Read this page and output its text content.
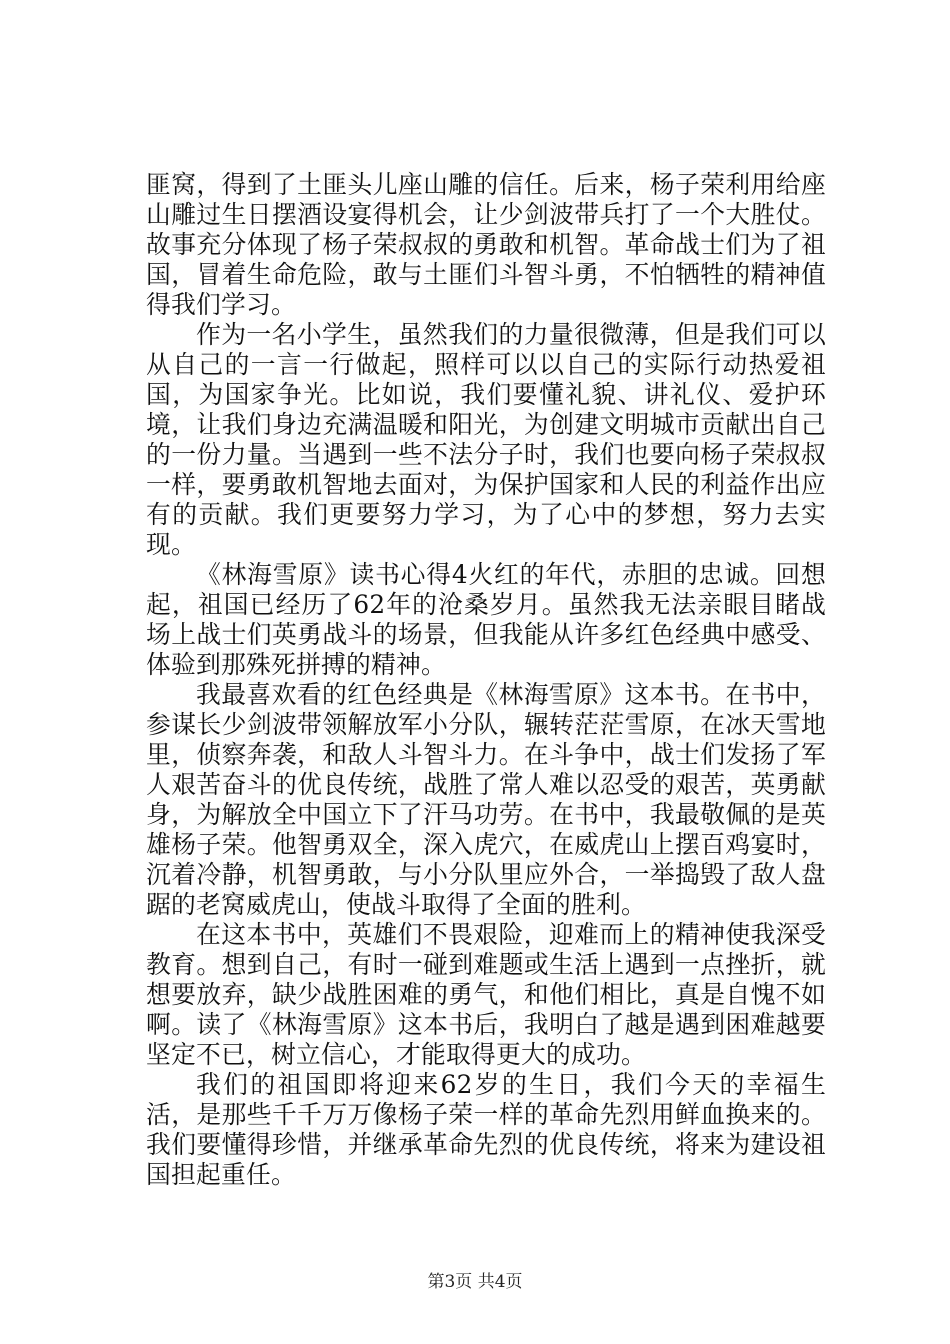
匪窝，得到了土匪头儿座山雕的信任。后来，杨子荣利用给座山雕过生日摆酒设宴得机会，让少剑波带兵打了一个大胜仗。故事充分体现了杨子荣叔叔的勇敢和机智。革命战士们为了祖国，冒着生命危险，敢与土匪们斗智斗勇，不怕牺牲的精神值得我们学习。

作为一名小学生，虽然我们的力量很微薄，但是我们可以从自己的一言一行做起，照样可以以自己的实际行动热爱祖国，为国家争光。比如说，我们要懂礼貌、讲礼仪、爱护环境，让我们身边充满温暖和阳光，为创建文明城市贡献出自己的一份力量。当遇到一些不法分子时，我们也要向杨子荣叔叔一样，要勇敢机智地去面对，为保护国家和人民的利益作出应有的贡献。我们更要努力学习，为了心中的梦想，努力去实现。

《林海雪原》读书心得4火红的年代，赤胆的忠诚。回想起，祖国已经历了62年的沧桑岁月。虽然我无法亲眼目睹战场上战士们英勇战斗的场景，但我能从许多红色经典中感受、体验到那殊死拼搏的精神。

我最喜欢看的红色经典是《林海雪原》这本书。在书中，参谋长少剑波带领解放军小分队，辗转茫茫雪原，在冰天雪地里，侦察奔袭，和敌人斗智斗力。在斗争中，战士们发扬了军人艰苦奋斗的优良传统，战胜了常人难以忍受的艰苦，英勇献身，为解放全中国立下了汗马功劳。在书中，我最敬佩的是英雄杨子荣。他智勇双全，深入虎穴，在威虎山上摆百鸡宴时，沉着冷静，机智勇敢，与小分队里应外合，一举捣毁了敌人盘踞的老窝威虎山，使战斗取得了全面的胜利。

在这本书中，英雄们不畏艰险，迎难而上的精神使我深受教育。想到自己，有时一碰到难题或生活上遇到一点挫折，就想要放弃，缺少战胜困难的勇气，和他们相比，真是自愧不如啊。读了《林海雪原》这本书后，我明白了越是遇到困难越要坚定不已，树立信心，才能取得更大的成功。

我们的祖国即将迎来62岁的生日，我们今天的幸福生活，是那些千千万万像杨子荣一样的革命先烈用鲜血换来的。我们要懂得珍惜，并继承革命先烈的优良传统，将来为建设祖国担起重任。

第3页 共4页
